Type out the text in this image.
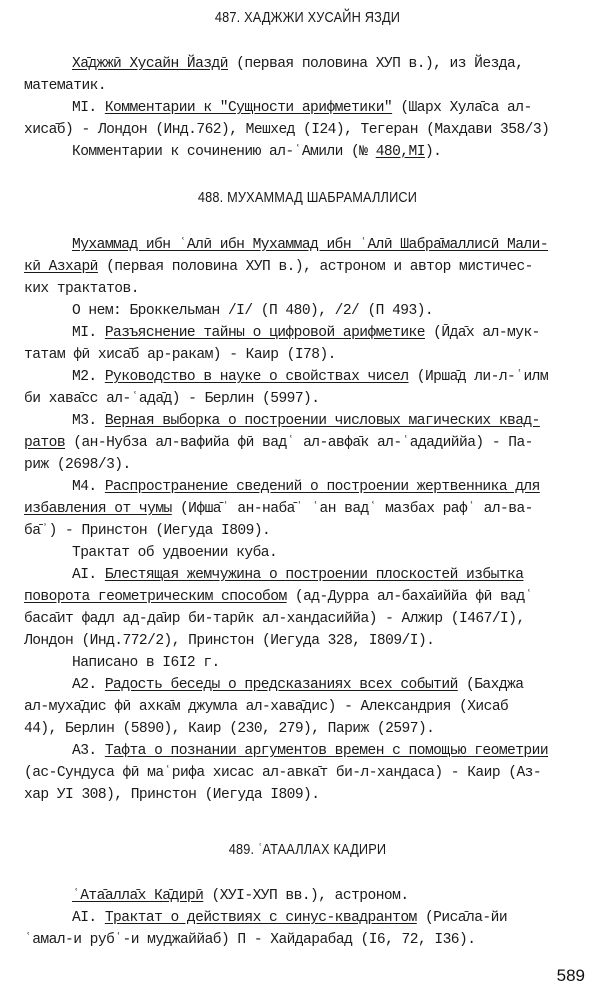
487. ХАДЖЖИ ХУСАЙН ЯЗДИ
Ха̄джжӣ Хусайн Йаздӣ (первая половина ХУП в.), из Йезда,
математик.
МI. Комментарии к "Сущности арифметики" (Шарх Хула̄са ал-
хиса̄б) - Лондон (Инд.762), Мешхед (I24), Тегеран (Махдави 358/3)
Комментарии к сочинению ал-ʿАмили (№ 480,МI).
488. МУХАММАД ШАБРАМАЛЛИСИ
Мухаммад ибн ʿАлӣ ибн Мухаммад ибн ʿАлӣ Шабра̄маллисӣ Мали-
кӣ Азхарӣ (первая половина ХУП в.), астроном и автор мистичес-
ких трактатов.
О нем: Броккельман /I/ (П 480), /2/ (П 493).
МI. Разъяснение тайны о цифровой арифметике (Ӣда̄х ал-мук-
татам фӣ хиса̄б ар-ракам) - Каир (I78).
М2. Руководство в науке о свойствах чисел (Ирша̄д ли-л-ʿилм
би хава̄сс ал-ʿада̄д) - Берлин (5997).
М3. Верная выборка о построении числовых магических квад-
ратов (ан-Нубза ал-вафийа фӣ вадʿ ал-авфа̄к ал-ʿададиййа) - Па-
риж (2698/3).
М4. Распространение сведений о построении жертвенника для
избавления от чумы (Ифша̄ʾ ан-наба̄ʾ ʿан вадʿ мазбах рафʿ ал-ва-
ба̄ʾ) - Принстон (Иегуда I809).
Трактат об удвоении куба.
АI. Блестящая жемчужина о построении плоскостей избытка
поворота геометрическим способом (ад-Дурра ал-баха̄иййа фӣ вадʿ
баса̄ит фадл ад-да̄ир би-тарӣк ал-хандасиййа) - Алжир (I467/I),
Лондон (Инд.772/2), Принстон (Иегуда 328, I809/I).
Написано в I6I2 г.
А2. Радость беседы о предсказаниях всех событий (Бахджа
ал-муха̄дис фӣ ахка̄м джумла ал-хава̄дис) - Александрия (Хисаб
44), Берлин (5890), Каир (230, 279), Париж (2597).
А3. Тафта о познании аргументов времен с помощью геометрии
(ас-Сундуса фӣ маʿрифа хисас ал-авка̄т би-л-хандаса) - Каир (Аз-
хар УI 308), Принстон (Иегуда I809).
489. ʿАТААЛЛАХ КАДИРИ
ʿАта̄алла̄х Ка̄дирӣ (ХУI-ХУП вв.), астроном.
АI. Трактат о действиях с синус-квадрантом (Риса̄ла-йи
ʿамал-и рубʿ-и муджаййаб) П - Хайдарабад (I6, 72, I36).
589
